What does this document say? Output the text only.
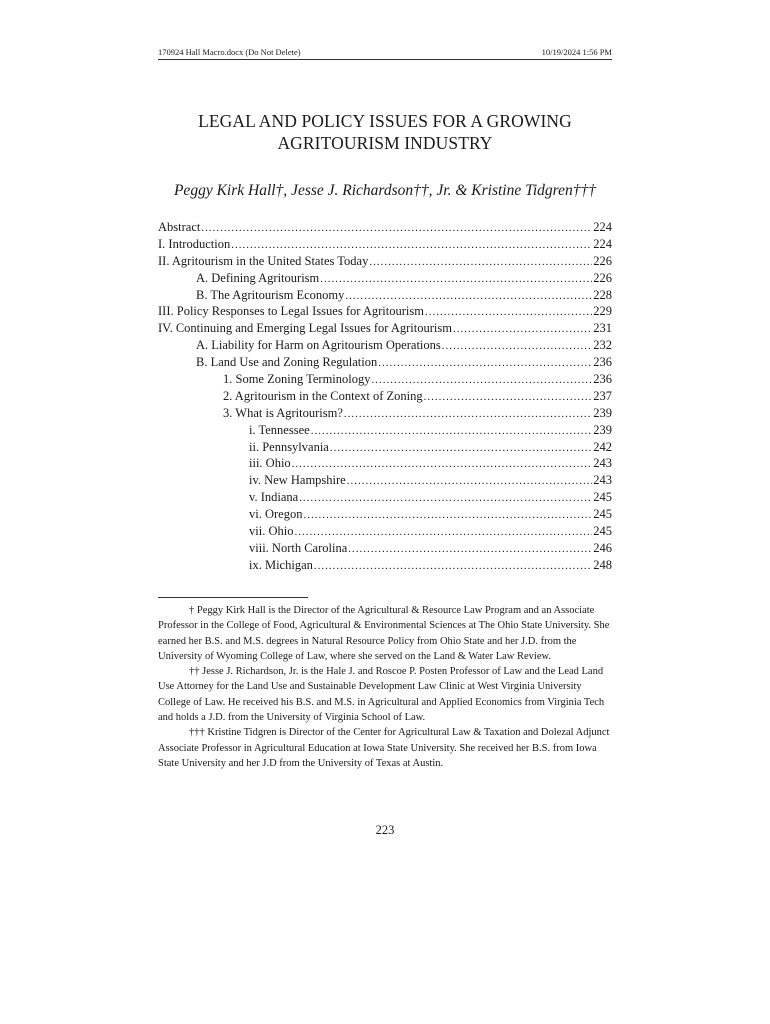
170924 Hall Macro.docx (Do Not Delete)	10/19/2024 1:56 PM
LEGAL AND POLICY ISSUES FOR A GROWING
AGRITOURISM INDUSTRY
Peggy Kirk Hall†, Jesse J. Richardson††, Jr. & Kristine Tidgren†††
Abstract .....	224
I. Introduction .....	224
II. Agritourism in the United States Today .....	226
A. Defining Agritourism .....	226
B. The Agritourism Economy .....	228
III. Policy Responses to Legal Issues for Agritourism .....	229
IV. Continuing and Emerging Legal Issues for Agritourism .....	231
A. Liability for Harm on Agritourism Operations .....	232
B. Land Use and Zoning Regulation .....	236
1. Some Zoning Terminology .....	236
2. Agritourism in the Context of Zoning .....	237
3. What is Agritourism? .....	239
i. Tennessee .....	239
ii. Pennsylvania .....	242
iii. Ohio .....	243
iv. New Hampshire .....	243
v. Indiana .....	245
vi. Oregon .....	245
vii. Ohio .....	245
viii. North Carolina .....	246
ix. Michigan .....	248

† Peggy Kirk Hall is the Director of the Agricultural & Resource Law Program and an Associate Professor in the College of Food, Agricultural & Environmental Sciences at The Ohio State University. She earned her B.S. and M.S. degrees in Natural Resource Policy from Ohio State and her J.D. from the University of Wyoming College of Law, where she served on the Land & Water Law Review.

†† Jesse J. Richardson, Jr. is the Hale J. and Roscoe P. Posten Professor of Law and the Lead Land Use Attorney for the Land Use and Sustainable Development Law Clinic at West Virginia University College of Law. He received his B.S. and M.S. in Agricultural and Applied Economics from Virginia Tech and holds a J.D. from the University of Virginia School of Law.

††† Kristine Tidgren is Director of the Center for Agricultural Law & Taxation and Dolezal Adjunct Associate Professor in Agricultural Education at Iowa State University. She received her B.S. from Iowa State University and her J.D from the University of Texas at Austin.

223
